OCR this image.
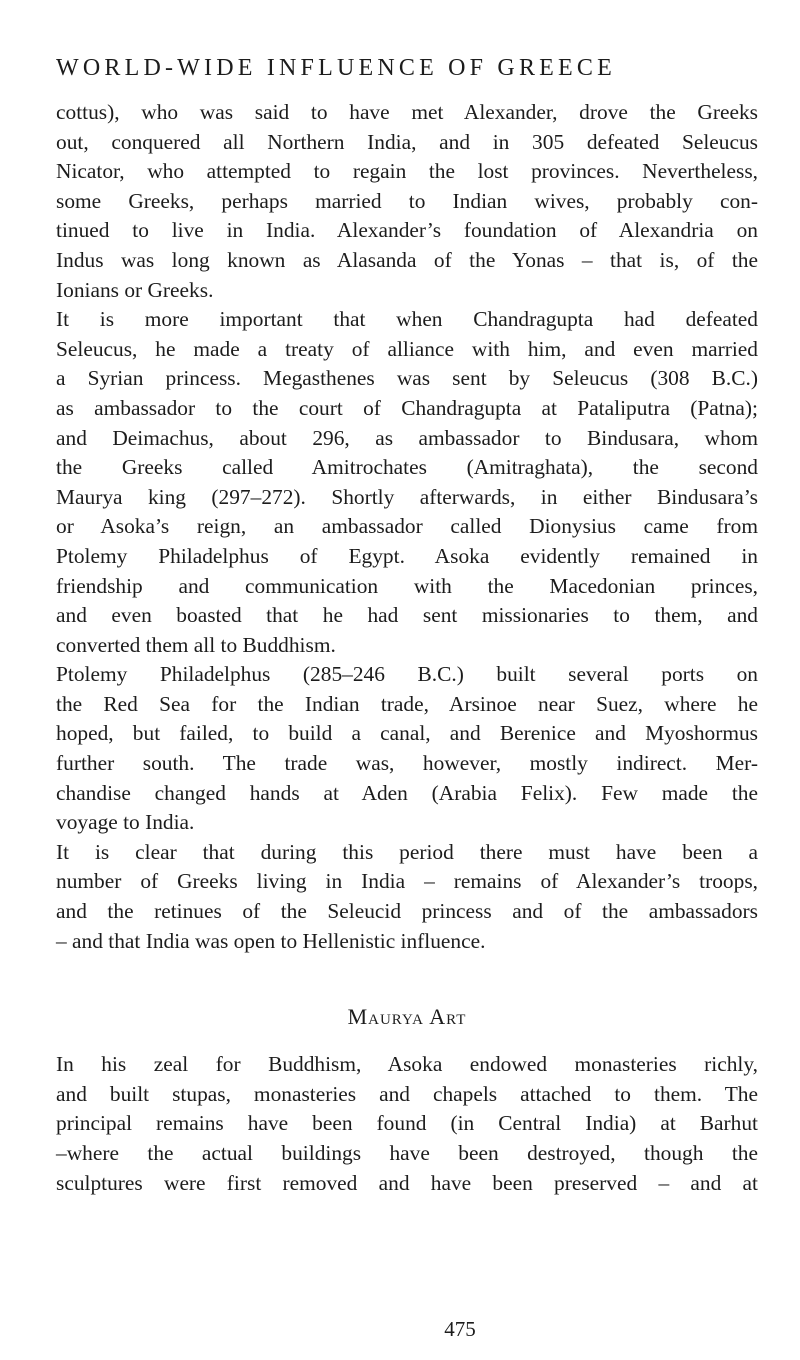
WORLD-WIDE INFLUENCE OF GREECE

cottus), who was said to have met Alexander, drove the Greeks
out, conquered all Northern India, and in 305 defeated Seleucus
Nicator, who attempted to regain the lost provinces. Nevertheless,
some Greeks, perhaps married to Indian wives, probably con-
tinued to live in India. Alexander’s foundation of Alexandria on
Indus was long known as Alasanda of the Yonas – that is, of the
Ionians or Greeks.

It is more important that when Chandragupta had defeated
Seleucus, he made a treaty of alliance with him, and even married
a Syrian princess. Megasthenes was sent by Seleucus (308 B.C.)
as ambassador to the court of Chandragupta at Pataliputra (Patna);
and Deimachus, about 296, as ambassador to Bindusara, whom
the Greeks called Amitrochates (Amitraghata), the second
Maurya king (297–272). Shortly afterwards, in either Bindusara’s
or Asoka’s reign, an ambassador called Dionysius came from
Ptolemy Philadelphus of Egypt. Asoka evidently remained in
friendship and communication with the Macedonian princes,
and even boasted that he had sent missionaries to them, and
converted them all to Buddhism.

Ptolemy Philadelphus (285–246 B.C.) built several ports on
the Red Sea for the Indian trade, Arsinoe near Suez, where he
hoped, but failed, to build a canal, and Berenice and Myoshormus
further south. The trade was, however, mostly indirect. Mer-
chandise changed hands at Aden (Arabia Felix). Few made the
voyage to India.

It is clear that during this period there must have been a
number of Greeks living in India – remains of Alexander’s troops,
and the retinues of the Seleucid princess and of the ambassadors
– and that India was open to Hellenistic influence.

Maurya Art

In his zeal for Buddhism, Asoka endowed monasteries richly,
and built stupas, monasteries and chapels attached to them. The
principal remains have been found (in Central India) at Barhut
–where the actual buildings have been destroyed, though the
sculptures were first removed and have been preserved – and at

475
